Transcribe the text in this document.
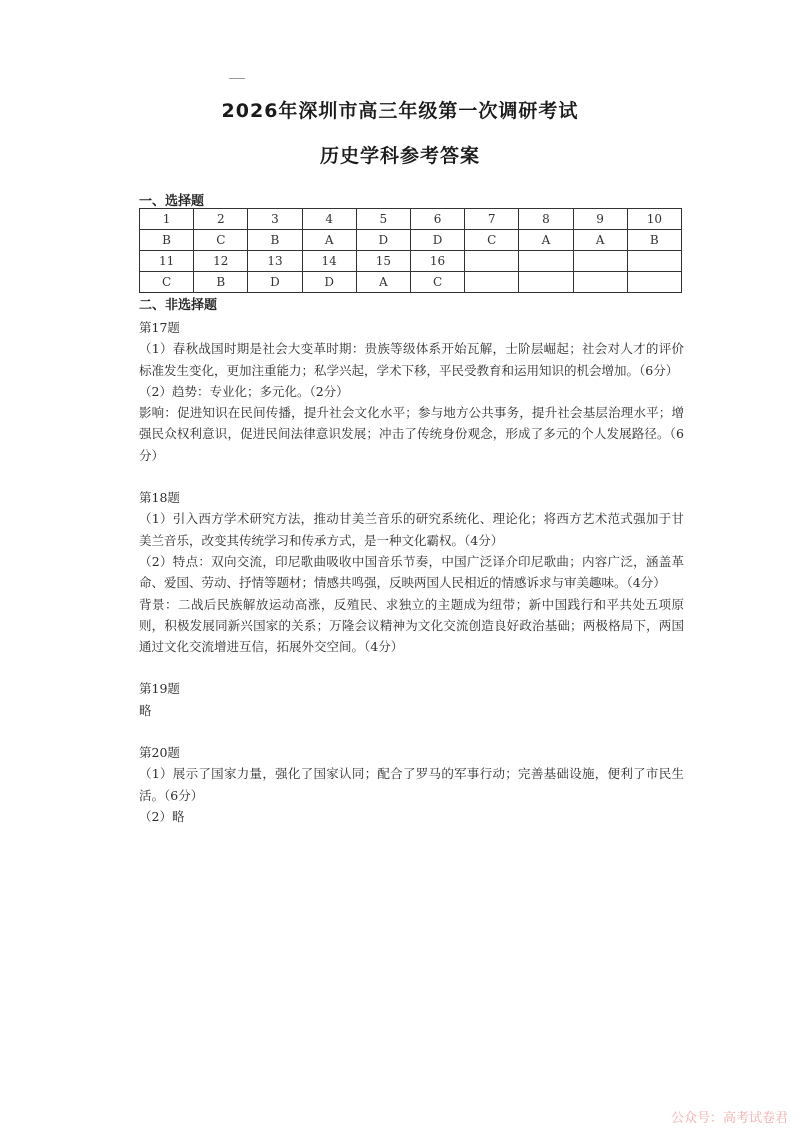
2026年深圳市高三年级第一次调研考试
历史学科参考答案
一、选择题
1	2	3	4	5	6	7	8	9	10
B	C	B	A	D	D	C	A	A	B
11	12	13	14	15	16				
C	B	D	D	A	C				
二、非选择题

第17题

（1）春秋战国时期是社会大变革时期：贵族等级体系开始瓦解，士阶层崛起；社会对人才的评价标准发生变化，更加注重能力；私学兴起，学术下移，平民受教育和运用知识的机会增加。（6分）

（2）趋势：专业化；多元化。（2分）

影响：促进知识在民间传播，提升社会文化水平；参与地方公共事务，提升社会基层治理水平；增强民众权利意识，促进民间法律意识发展；冲击了传统身份观念，形成了多元的个人发展路径。（6分）

第18题

（1）引入西方学术研究方法，推动甘美兰音乐的研究系统化、理论化；将西方艺术范式强加于甘美兰音乐，改变其传统学习和传承方式，是一种文化霸权。（4分）

（2）特点：双向交流，印尼歌曲吸收中国音乐节奏，中国广泛译介印尼歌曲；内容广泛，涵盖革命、爱国、劳动、抒情等题材；情感共鸣强，反映两国人民相近的情感诉求与审美趣味。（4分）

背景：二战后民族解放运动高涨，反殖民、求独立的主题成为纽带；新中国践行和平共处五项原则，积极发展同新兴国家的关系；万隆会议精神为文化交流创造良好政治基础；两极格局下，两国通过文化交流增进互信，拓展外交空间。（4分）

第19题

略

第20题

（1）展示了国家力量，强化了国家认同；配合了罗马的军事行动；完善基础设施，便利了市民生活。（6分）

（2）略

公众号：高考试卷君
